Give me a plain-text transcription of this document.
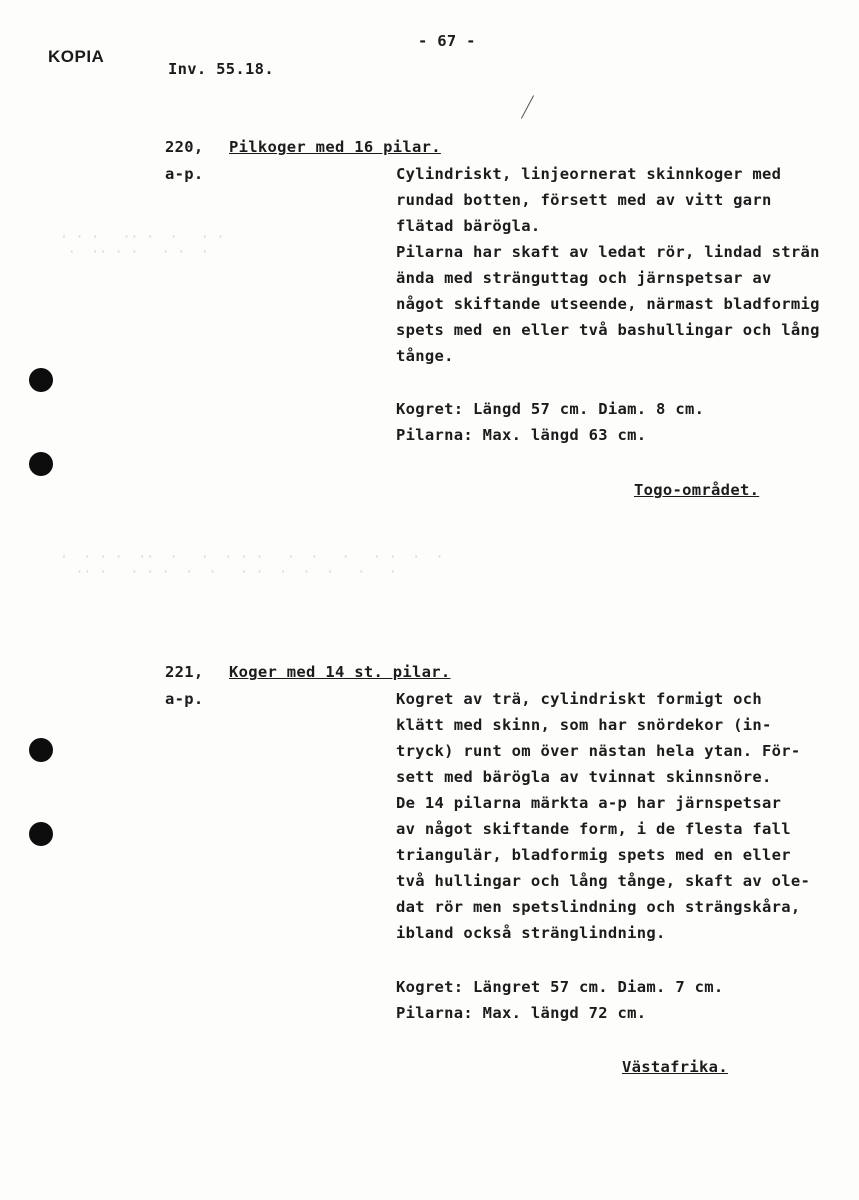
· · ·   ·· ·  ·   · ·
·  ·· · ·   · ·  ·
·  · · ·  ··  ·   ·  · · ·   ·  ·   ·   · ·  ·  ·
·· ·   · · ·  ·  ·   · ·  ·  ·  ·   ·   ·
KOPIA
- 67 -
Inv. 55.18.
220, Pilkoger med 16 pilar.
a-p.	Cylindriskt, linjeornerat skinnkoger med
rundad botten, försett med av vitt garn
flätad bärögla.
Pilarna har skaft av ledat rör, lindad strän
ända med stränguttag och järnspetsar av
något skiftande utseende, närmast bladformig
spets med en eller två bashullingar och lång
tånge.
Kogret: Längd 57 cm. Diam. 8 cm.
Pilarna: Max. längd 63 cm.
Togo-området.
221, Koger med 14 st. pilar.
a-p.	Kogret av trä, cylindriskt formigt och
klätt med skinn, som har snördekor (in-
tryck) runt om över nästan hela ytan. För-
sett med bärögla av tvinnat skinnsnöre.
De 14 pilarna märkta a-p har järnspetsar
av något skiftande form, i de flesta fall
triangulär, bladformig spets med en eller
två hullingar och lång tånge, skaft av ole-
dat rör men spetslindning och strängskåra,
ibland också stränglindning.
Kogret: Längret 57 cm. Diam. 7 cm.
Pilarna: Max. längd 72 cm.
Västafrika.
